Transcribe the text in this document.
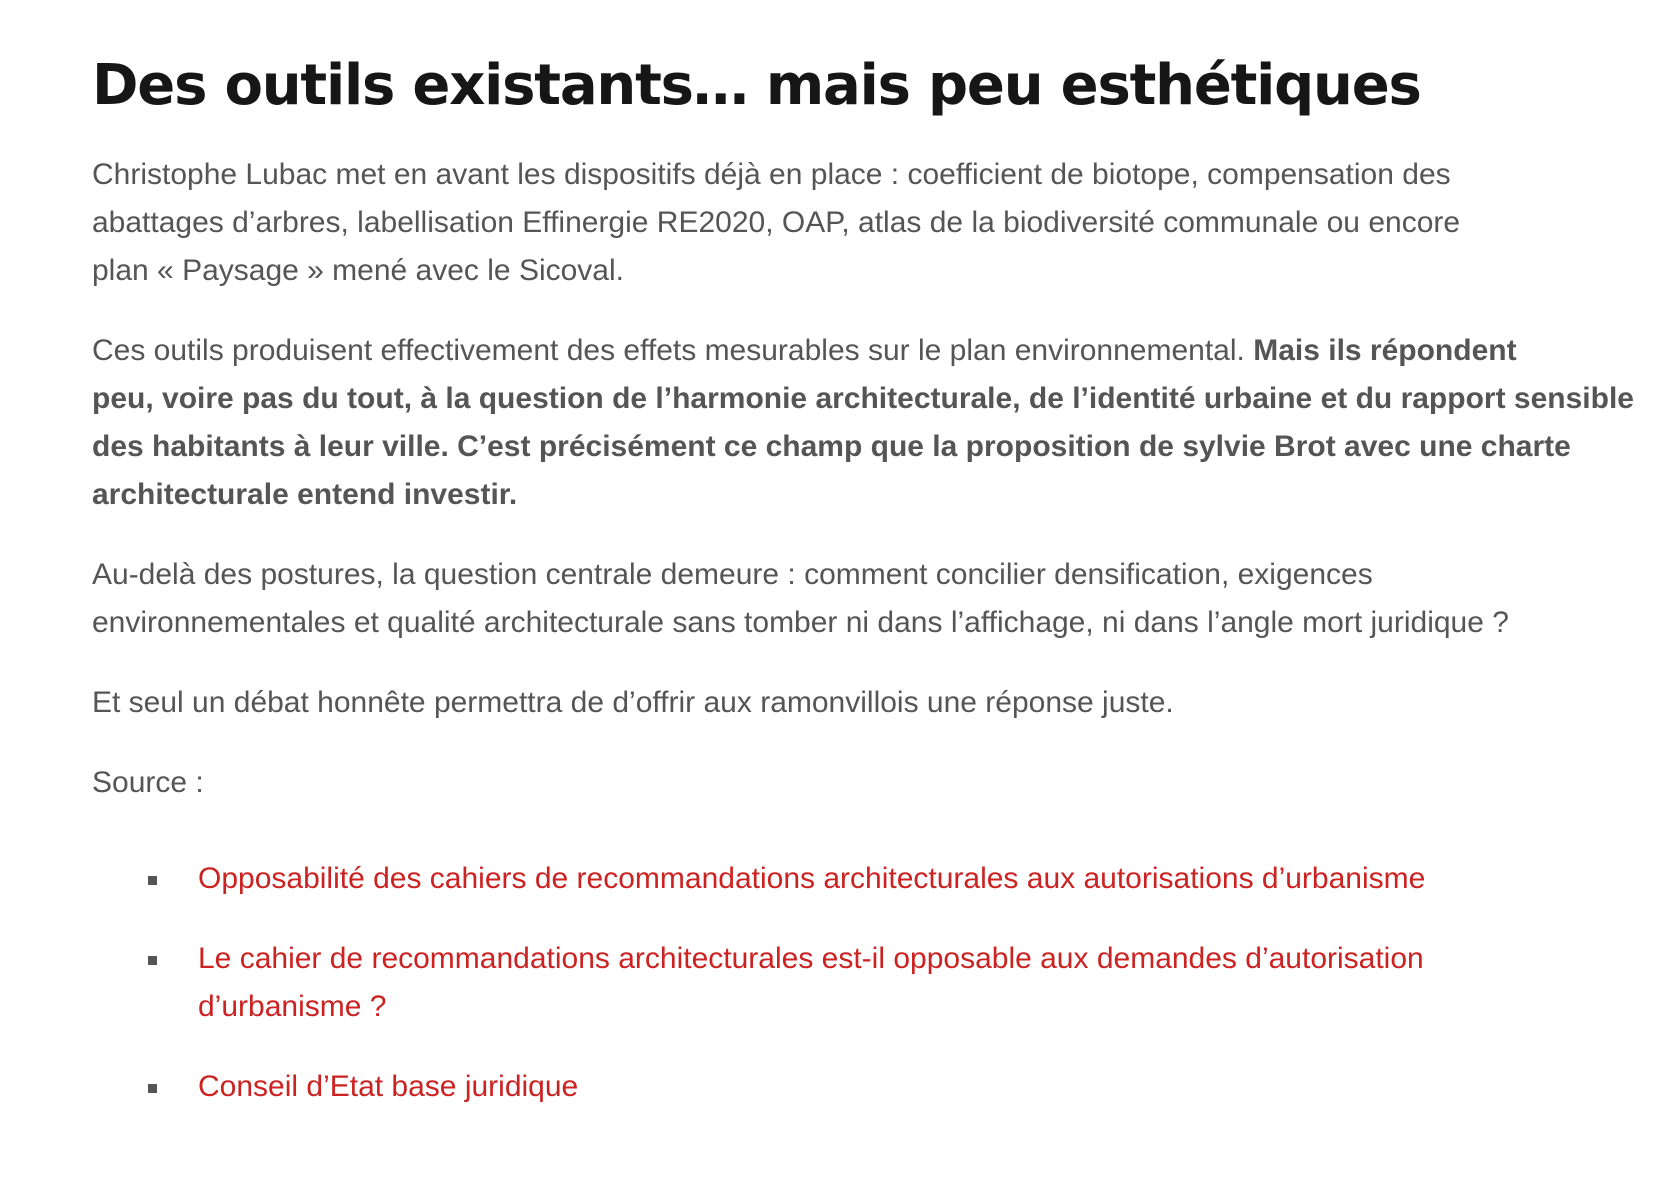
Des outils existants… mais peu esthétiques

Christophe Lubac met en avant les dispositifs déjà en place : coefficient de biotope, compensation des
abattages d’arbres, labellisation Effinergie RE2020, OAP, atlas de la biodiversité communale ou encore
plan « Paysage » mené avec le Sicoval.

Ces outils produisent effectivement des effets mesurables sur le plan environnemental. Mais ils répondent
peu, voire pas du tout, à la question de l’harmonie architecturale, de l’identité urbaine et du rapport sensible
des habitants à leur ville. C’est précisément ce champ que la proposition de sylvie Brot avec une charte
architecturale entend investir.

Au-delà des postures, la question centrale demeure : comment concilier densification, exigences
environnementales et qualité architecturale sans tomber ni dans l’affichage, ni dans l’angle mort juridique ?

Et seul un débat honnête permettra de d’offrir aux ramonvillois une réponse juste.

Source :

Opposabilité des cahiers de recommandations architecturales aux autorisations d’urbanisme
Le cahier de recommandations architecturales est-il opposable aux demandes d’autorisation
d’urbanisme ?
Conseil d’Etat base juridique
